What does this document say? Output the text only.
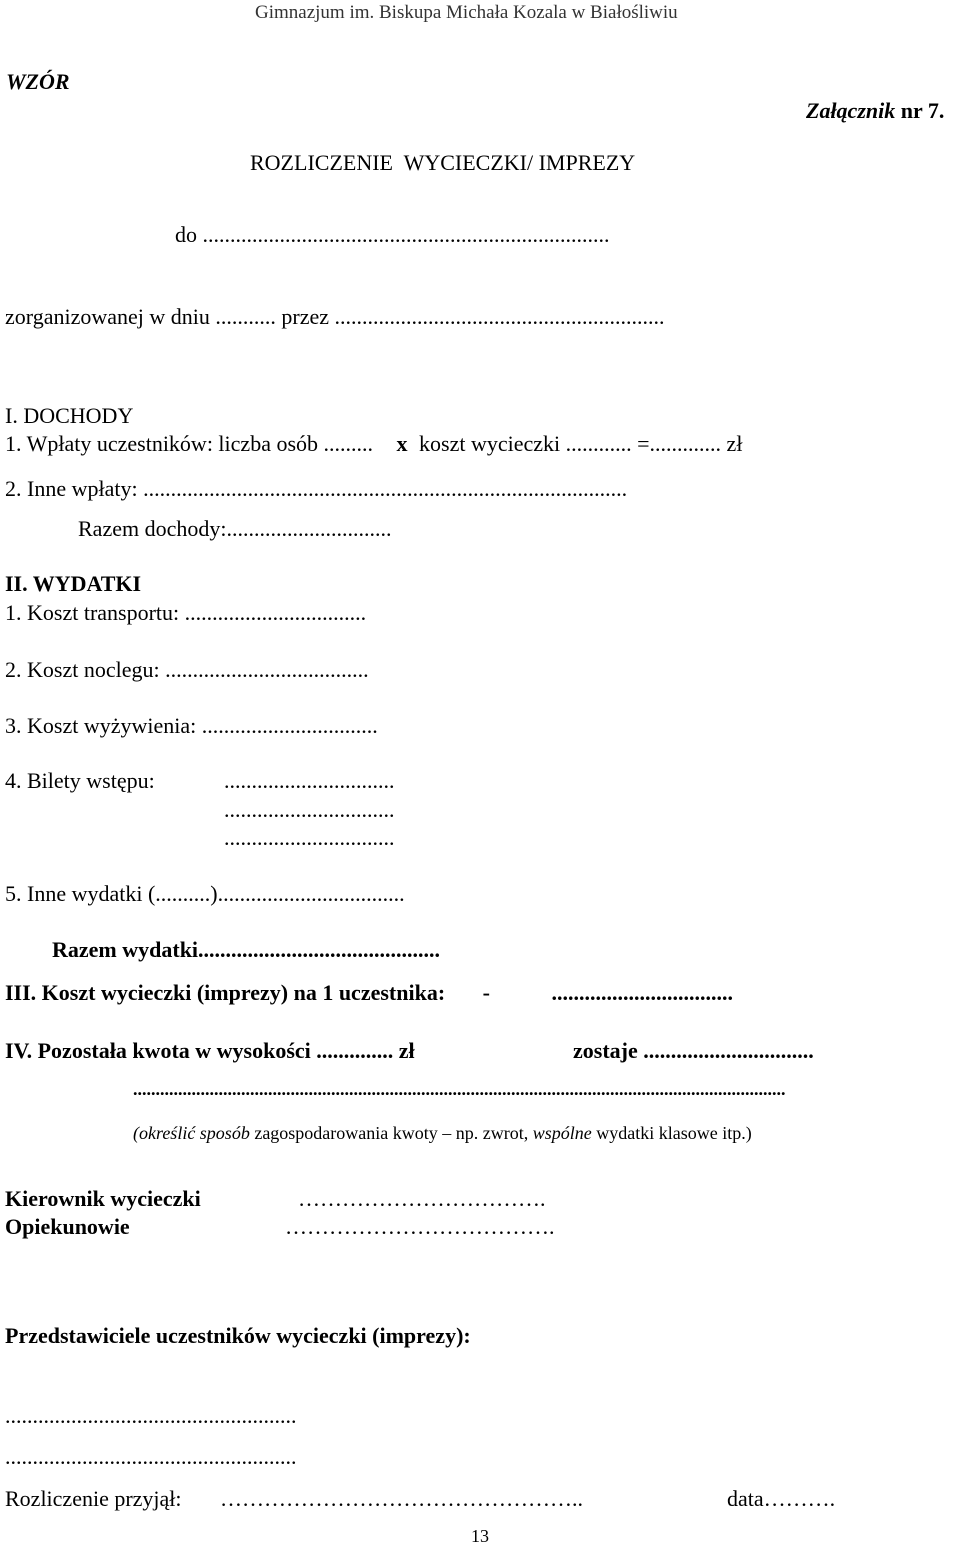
Gimnazjum im. Biskupa Michała Kozala w Białośliwiu
WZÓR
Załącznik nr 7.
ROZLICZENIE  WYCIECZKI/ IMPREZY
do ..........................................................................
zorganizowanej w dniu ........... przez ............................................................
I. DOCHODY
1. Wpłaty uczestników: liczba osób ......... x koszt wycieczki ............ =............. zł
2. Inne wpłaty: ........................................................................................
Razem dochody:..............................
II. WYDATKI
1. Koszt transportu: .................................
2. Koszt noclegu: .....................................
3. Koszt wyżywienia: ................................
4. Bilety wstępu:	...............................
...............................
...............................
5. Inne wydatki (..........)..................................
Razem wydatki............................................
III. Koszt wycieczki (imprezy) na 1 uczestnika: -	.................................
IV. Pozostała kwota w wysokości .............. zł	zostaje ...............................
.................................................................................................................................................
(określić sposób zagospodarowania kwoty – np. zwrot, wspólne wydatki klasowe itp.)
Kierownik wycieczki	…………………………….
Opiekunowie	……………………………….
Przedstawiciele uczestników wycieczki (imprezy):
.....................................................
.....................................................
Rozliczenie przyjął: …………………………………………..	data……….
13
